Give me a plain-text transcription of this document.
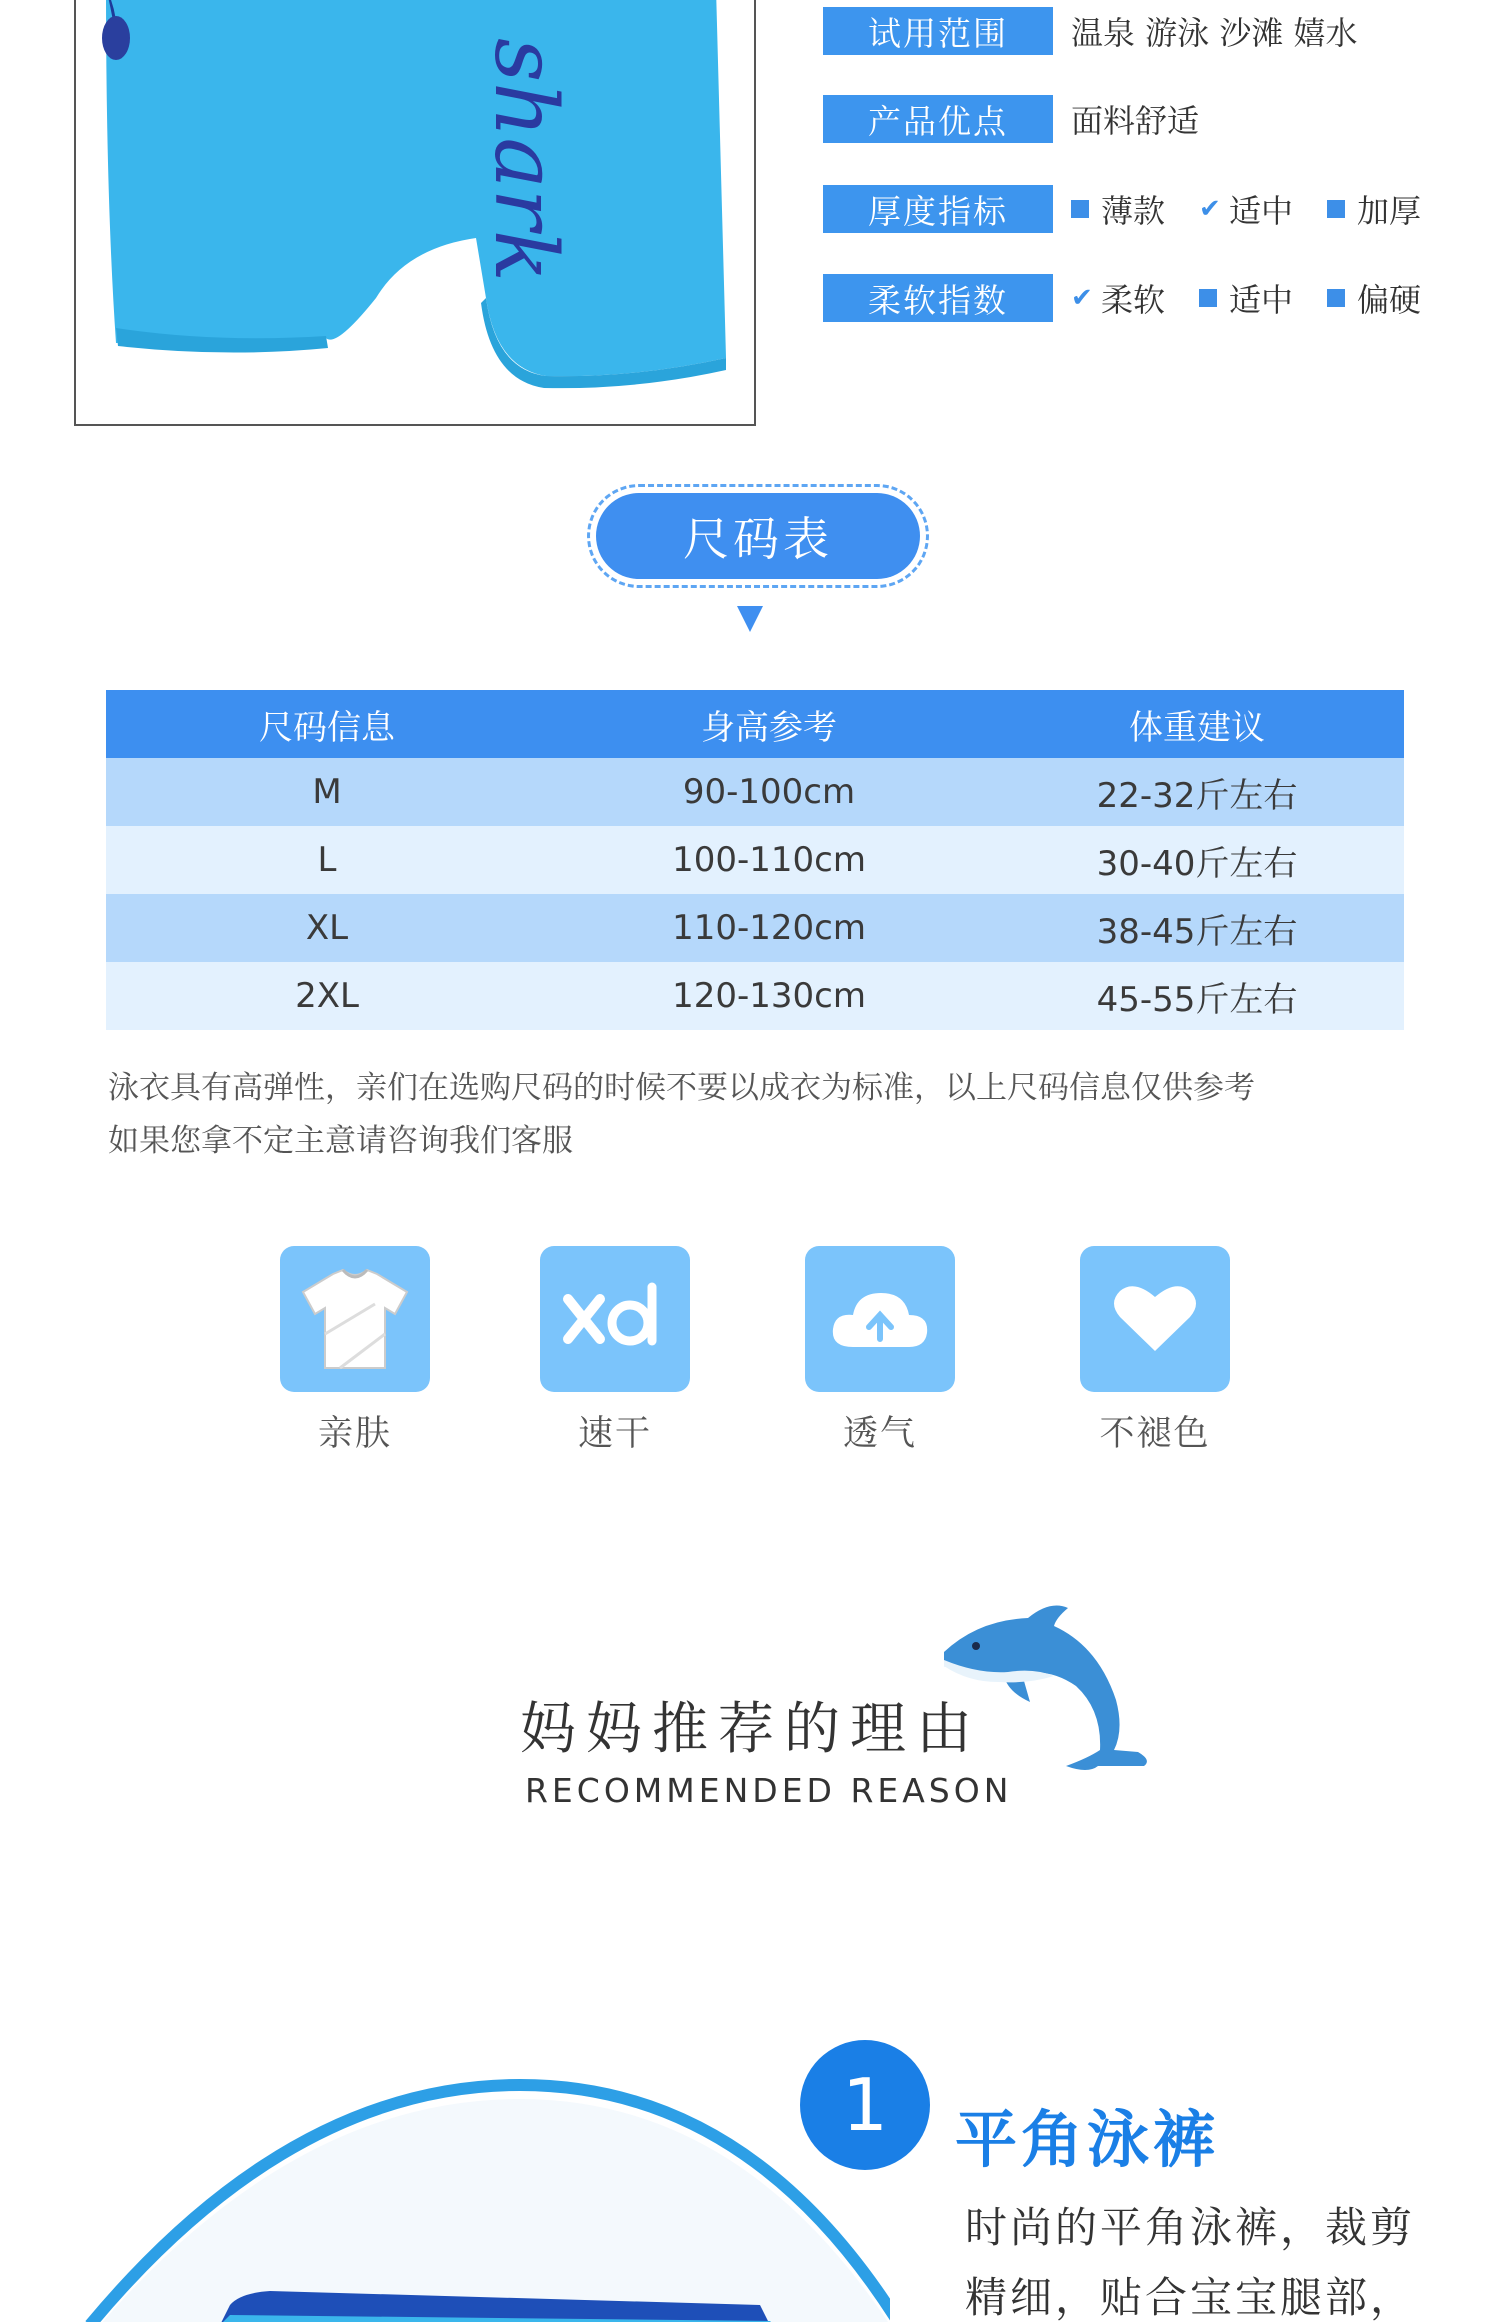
shark
试用范围	温泉 游泳 沙滩 嬉水
产品优点	面料舒适
厚度指标	薄款 ✔ 适中 加厚
柔软指数	✔ 柔软 适中 偏硬
尺码表
尺码信息	身高参考	体重建议
M	90-100cm	22-32斤左右
L	100-110cm	30-40斤左右
XL	110-120cm	38-45斤左右
2XL	120-130cm	45-55斤左右
泳衣具有高弹性，亲们在选购尺码的时候不要以成衣为标准，以上尺码信息仅供参考
如果您拿不定主意请咨询我们客服
亲肤	速干	透气	不褪色
妈妈推荐的理由
RECOMMENDED REASON
1	平角泳裤
时尚的平角泳裤，裁剪
精细，贴合宝宝腿部，
